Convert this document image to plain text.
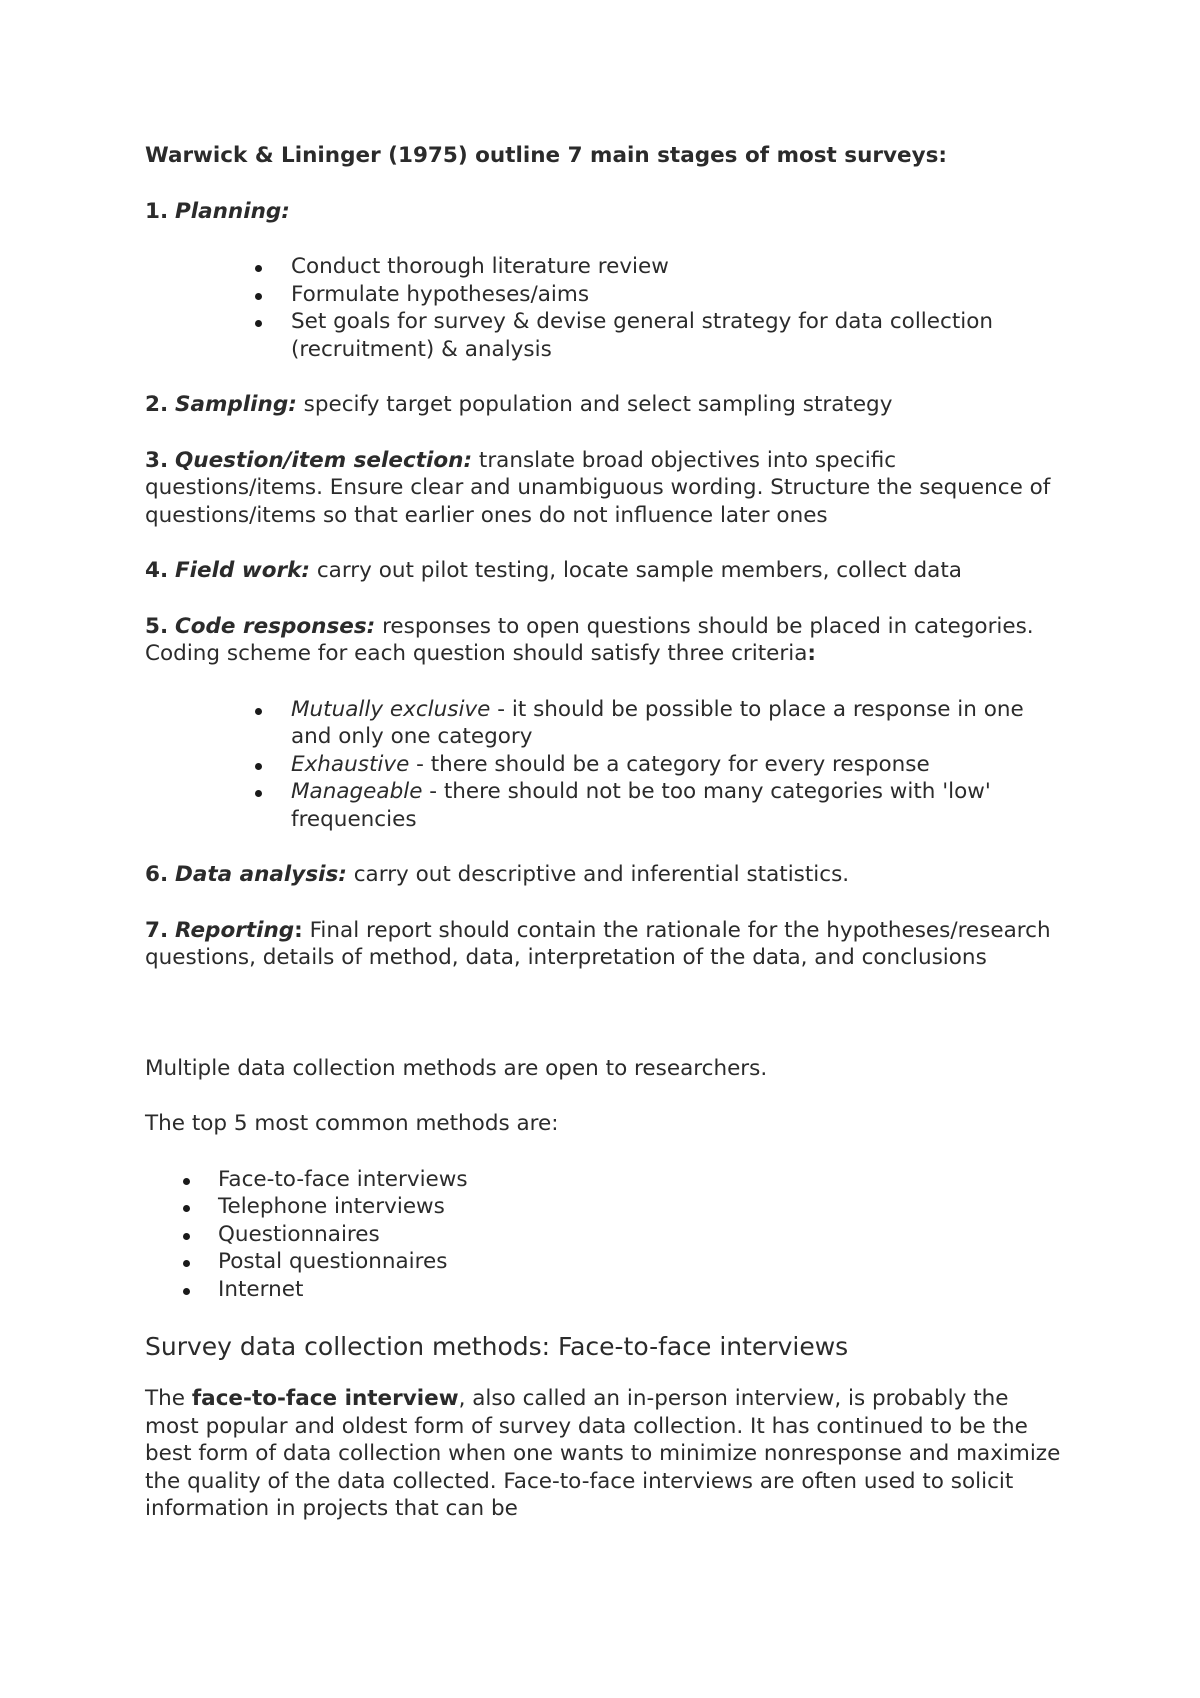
Warwick & Lininger (1975) outline 7 main stages of most surveys:

1. Planning:

Conduct thorough literature review
Formulate hypotheses/aims
Set goals for survey & devise general strategy for data collection (recruitment) & analysis

2. Sampling: specify target population and select sampling strategy

3. Question/item selection: translate broad objectives into specific questions/items. Ensure clear and unambiguous wording. Structure the sequence of questions/items so that earlier ones do not influence later ones

4. Field work: carry out pilot testing, locate sample members, collect data

5. Code responses: responses to open questions should be placed in categories. Coding scheme for each question should satisfy three criteria:

Mutually exclusive - it should be possible to place a response in one and only one category
Exhaustive - there should be a category for every response
Manageable - there should not be too many categories with 'low' frequencies

6. Data analysis: carry out descriptive and inferential statistics.

7. Reporting: Final report should contain the rationale for the hypotheses/research questions, details of method, data, interpretation of the data, and conclusions

Multiple data collection methods are open to researchers.

The top 5 most common methods are:

Face-to-face interviews
Telephone interviews
Questionnaires
Postal questionnaires
Internet
Survey data collection methods: Face-to-face interviews

The face-to-face interview, also called an in-person interview, is probably the most popular and oldest form of survey data collection. It has continued to be the best form of data collection when one wants to minimize nonresponse and maximize the quality of the data collected. Face-to-face interviews are often used to solicit information in projects that can be
